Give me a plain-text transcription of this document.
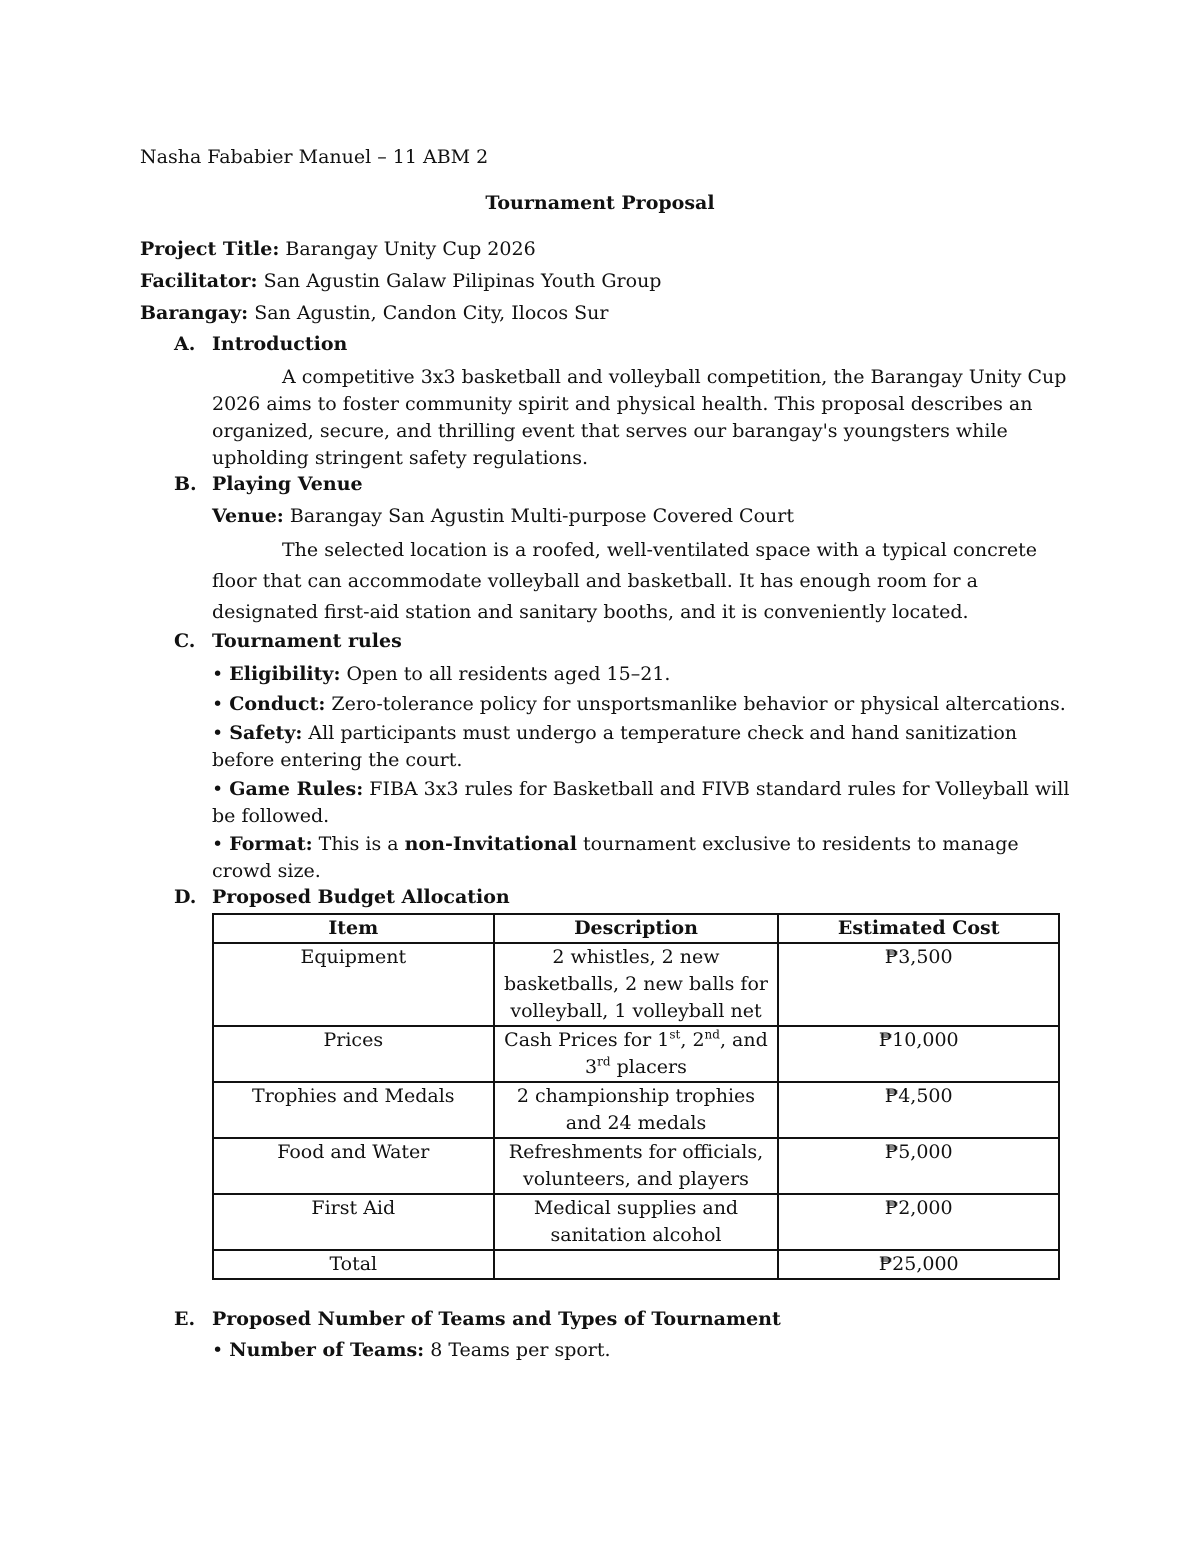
Nasha Fababier Manuel – 11 ABM 2
Tournament Proposal
Project Title: Barangay Unity Cup 2026
Facilitator: San Agustin Galaw Pilipinas Youth Group
Barangay: San Agustin, Candon City, Ilocos Sur
A. Introduction
A competitive 3x3 basketball and volleyball competition, the Barangay Unity Cup 2026 aims to foster community spirit and physical health. This proposal describes an organized, secure, and thrilling event that serves our barangay's youngsters while upholding stringent safety regulations.
B. Playing Venue
Venue: Barangay San Agustin Multi-purpose Covered Court
The selected location is a roofed, well-ventilated space with a typical concrete floor that can accommodate volleyball and basketball. It has enough room for a designated first-aid station and sanitary booths, and it is conveniently located.
C. Tournament rules
• Eligibility: Open to all residents aged 15–21.
• Conduct: Zero-tolerance policy for unsportsmanlike behavior or physical altercations.
• Safety: All participants must undergo a temperature check and hand sanitization before entering the court.
• Game Rules: FIBA 3x3 rules for Basketball and FIVB standard rules for Volleyball will be followed.
• Format: This is a non-Invitational tournament exclusive to residents to manage crowd size.
D. Proposed Budget Allocation
Item	Description	Estimated Cost
Equipment	2 whistles, 2 new basketballs, 2 new balls for volleyball, 1 volleyball net	₱3,500
Prices	Cash Prices for 1st, 2nd, and 3rd placers	₱10,000
Trophies and Medals	2 championship trophies and 24 medals	₱4,500
Food and Water	Refreshments for officials, volunteers, and players	₱5,000
First Aid	Medical supplies and sanitation alcohol	₱2,000
Total		₱25,000
E. Proposed Number of Teams and Types of Tournament
• Number of Teams: 8 Teams per sport.
